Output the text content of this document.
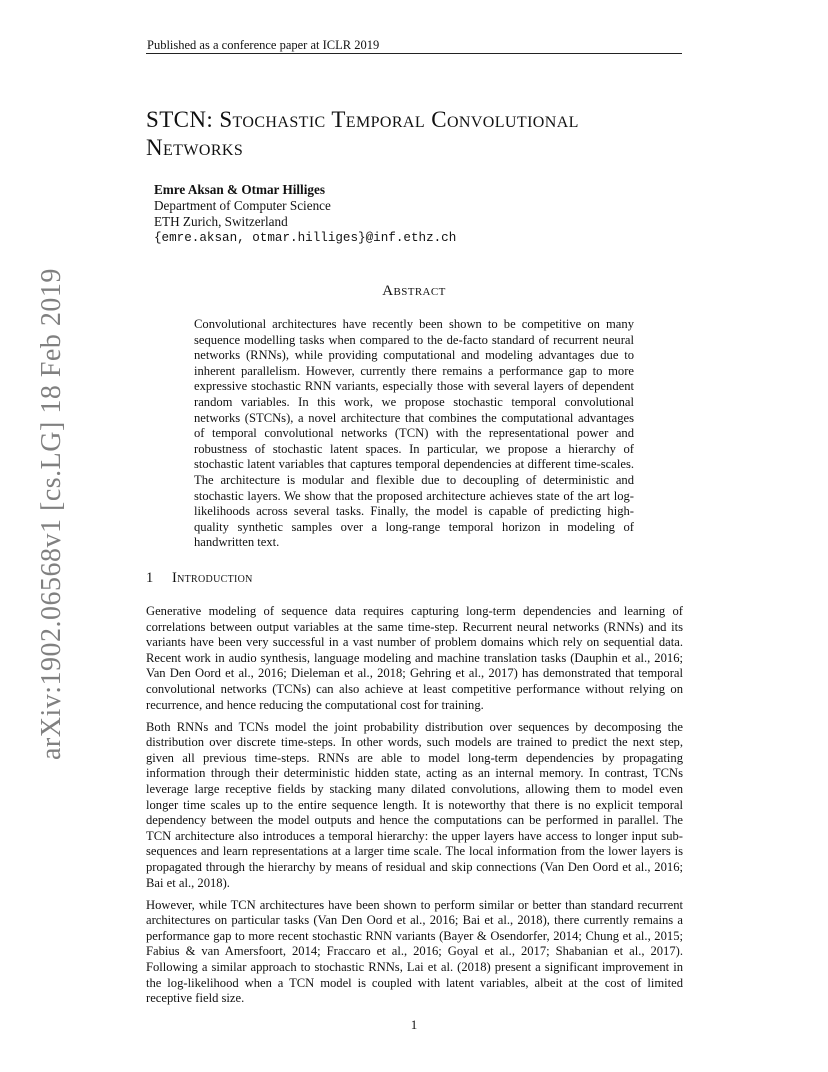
Published as a conference paper at ICLR 2019
arXiv:1902.06568v1 [cs.LG] 18 Feb 2019
STCN: Stochastic Temporal Convolutional
Networks
Emre Aksan & Otmar Hilliges
Department of Computer Science
ETH Zurich, Switzerland
{emre.aksan, otmar.hilliges}@inf.ethz.ch
Abstract
Convolutional architectures have recently been shown to be competitive on many sequence modelling tasks when compared to the de-facto standard of recurrent neural networks (RNNs), while providing computational and modeling advantages due to inherent parallelism. However, currently there remains a performance gap to more expressive stochastic RNN variants, especially those with several layers of dependent random variables. In this work, we propose stochastic temporal convolutional networks (STCNs), a novel architecture that combines the computational advantages of temporal convolutional networks (TCN) with the representational power and robustness of stochastic latent spaces. In particular, we propose a hierarchy of stochastic latent variables that captures temporal dependencies at different time-scales. The architecture is modular and flexible due to decoupling of deterministic and stochastic layers. We show that the proposed architecture achieves state of the art log-likelihoods across several tasks. Finally, the model is capable of predicting high-quality synthetic samples over a long-range temporal horizon in modeling of handwritten text.
1 Introduction

Generative modeling of sequence data requires capturing long-term dependencies and learning of correlations between output variables at the same time-step. Recurrent neural networks (RNNs) and its variants have been very successful in a vast number of problem domains which rely on sequential data. Recent work in audio synthesis, language modeling and machine translation tasks (Dauphin et al., 2016; Van Den Oord et al., 2016; Dieleman et al., 2018; Gehring et al., 2017) has demonstrated that temporal convolutional networks (TCNs) can also achieve at least competitive performance without relying on recurrence, and hence reducing the computational cost for training.

Both RNNs and TCNs model the joint probability distribution over sequences by decomposing the distribution over discrete time-steps. In other words, such models are trained to predict the next step, given all previous time-steps. RNNs are able to model long-term dependencies by propagating information through their deterministic hidden state, acting as an internal memory. In contrast, TCNs leverage large receptive fields by stacking many dilated convolutions, allowing them to model even longer time scales up to the entire sequence length. It is noteworthy that there is no explicit temporal dependency between the model outputs and hence the computations can be performed in parallel. The TCN architecture also introduces a temporal hierarchy: the upper layers have access to longer input sub-sequences and learn representations at a larger time scale. The local information from the lower layers is propagated through the hierarchy by means of residual and skip connections (Van Den Oord et al., 2016; Bai et al., 2018).

However, while TCN architectures have been shown to perform similar or better than standard recurrent architectures on particular tasks (Van Den Oord et al., 2016; Bai et al., 2018), there currently remains a performance gap to more recent stochastic RNN variants (Bayer & Osendorfer, 2014; Chung et al., 2015; Fabius & van Amersfoort, 2014; Fraccaro et al., 2016; Goyal et al., 2017; Shabanian et al., 2017). Following a similar approach to stochastic RNNs, Lai et al. (2018) present a significant improvement in the log-likelihood when a TCN model is coupled with latent variables, albeit at the cost of limited receptive field size.

1
